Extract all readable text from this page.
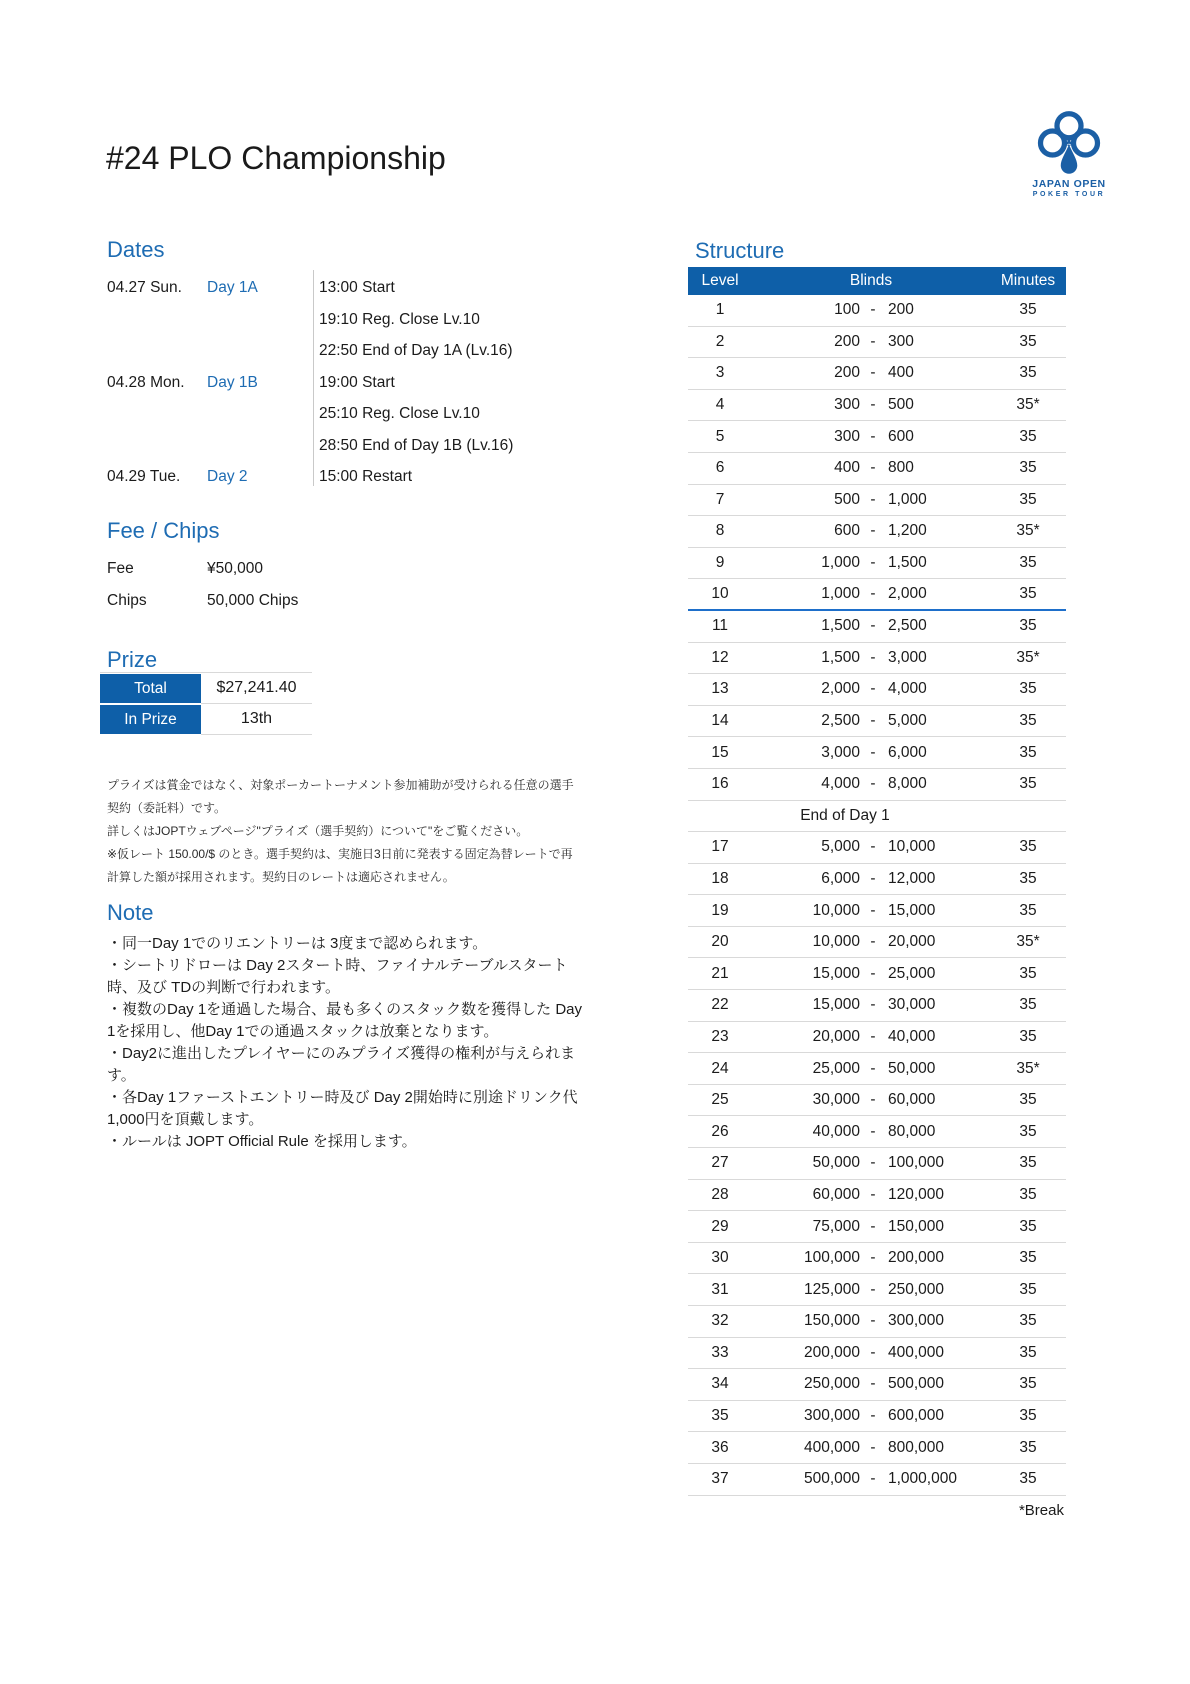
#24 PLO Championship	♣
JAPAN OPEN
POKER TOUR
Dates
04.27 Sun.	Day 1A	13:00 Start
19:10 Reg. Close Lv.10
22:50 End of Day 1A (Lv.16)
04.28 Mon.	Day 1B	19:00 Start
25:10 Reg. Close Lv.10
28:50 End of Day 1B (Lv.16)
04.29 Tue.	Day 2	15:00 Restart
Fee / Chips
Fee	¥50,000
Chips	50,000 Chips
Prize
Total	$27,241.40
In Prize	13th
プライズは賞金ではなく、対象ポーカートーナメント参加補助が受けられる任意の選手契約（委託料）です。
詳しくはJOPTウェブページ"プライズ（選手契約）について"をご覧ください。
※仮レート 150.00/$ のとき。選手契約は、実施日3日前に発表する固定為替レートで再計算した額が採用されます。契約日のレートは適応されません。
Note
・同一Day 1でのリエントリーは 3度まで認められます。
・シートリドローは Day 2スタート時、ファイナルテーブルスタート時、及び TDの判断で行われます。
・複数のDay 1を通過した場合、最も多くのスタック数を獲得した Day 1を採用し、他Day 1での通過スタックは放棄となります。
・Day2に進出したプレイヤーにのみプライズ獲得の権利が与えられます。
・各Day 1ファーストエントリー時及び Day 2開始時に別途ドリンク代 1,000円を頂戴します。
・ルールは JOPT Official Rule を採用します。
Structure
Level	Blinds	Minutes
1	100 - 200	35
2	200 - 300	35
3	200 - 400	35
4	300 - 500	35*
5	300 - 600	35
6	400 - 800	35
7	500 - 1,000	35
8	600 - 1,200	35*
9	1,000 - 1,500	35
10	1,000 - 2,000	35
11	1,500 - 2,500	35
12	1,500 - 3,000	35*
13	2,000 - 4,000	35
14	2,500 - 5,000	35
15	3,000 - 6,000	35
16	4,000 - 8,000	35
End of Day 1
17	5,000 - 10,000	35
18	6,000 - 12,000	35
19	10,000 - 15,000	35
20	10,000 - 20,000	35*
21	15,000 - 25,000	35
22	15,000 - 30,000	35
23	20,000 - 40,000	35
24	25,000 - 50,000	35*
25	30,000 - 60,000	35
26	40,000 - 80,000	35
27	50,000 - 100,000	35
28	60,000 - 120,000	35
29	75,000 - 150,000	35
30	100,000 - 200,000	35
31	125,000 - 250,000	35
32	150,000 - 300,000	35
33	200,000 - 400,000	35
34	250,000 - 500,000	35
35	300,000 - 600,000	35
36	400,000 - 800,000	35
37	500,000 - 1,000,000	35
*Break
